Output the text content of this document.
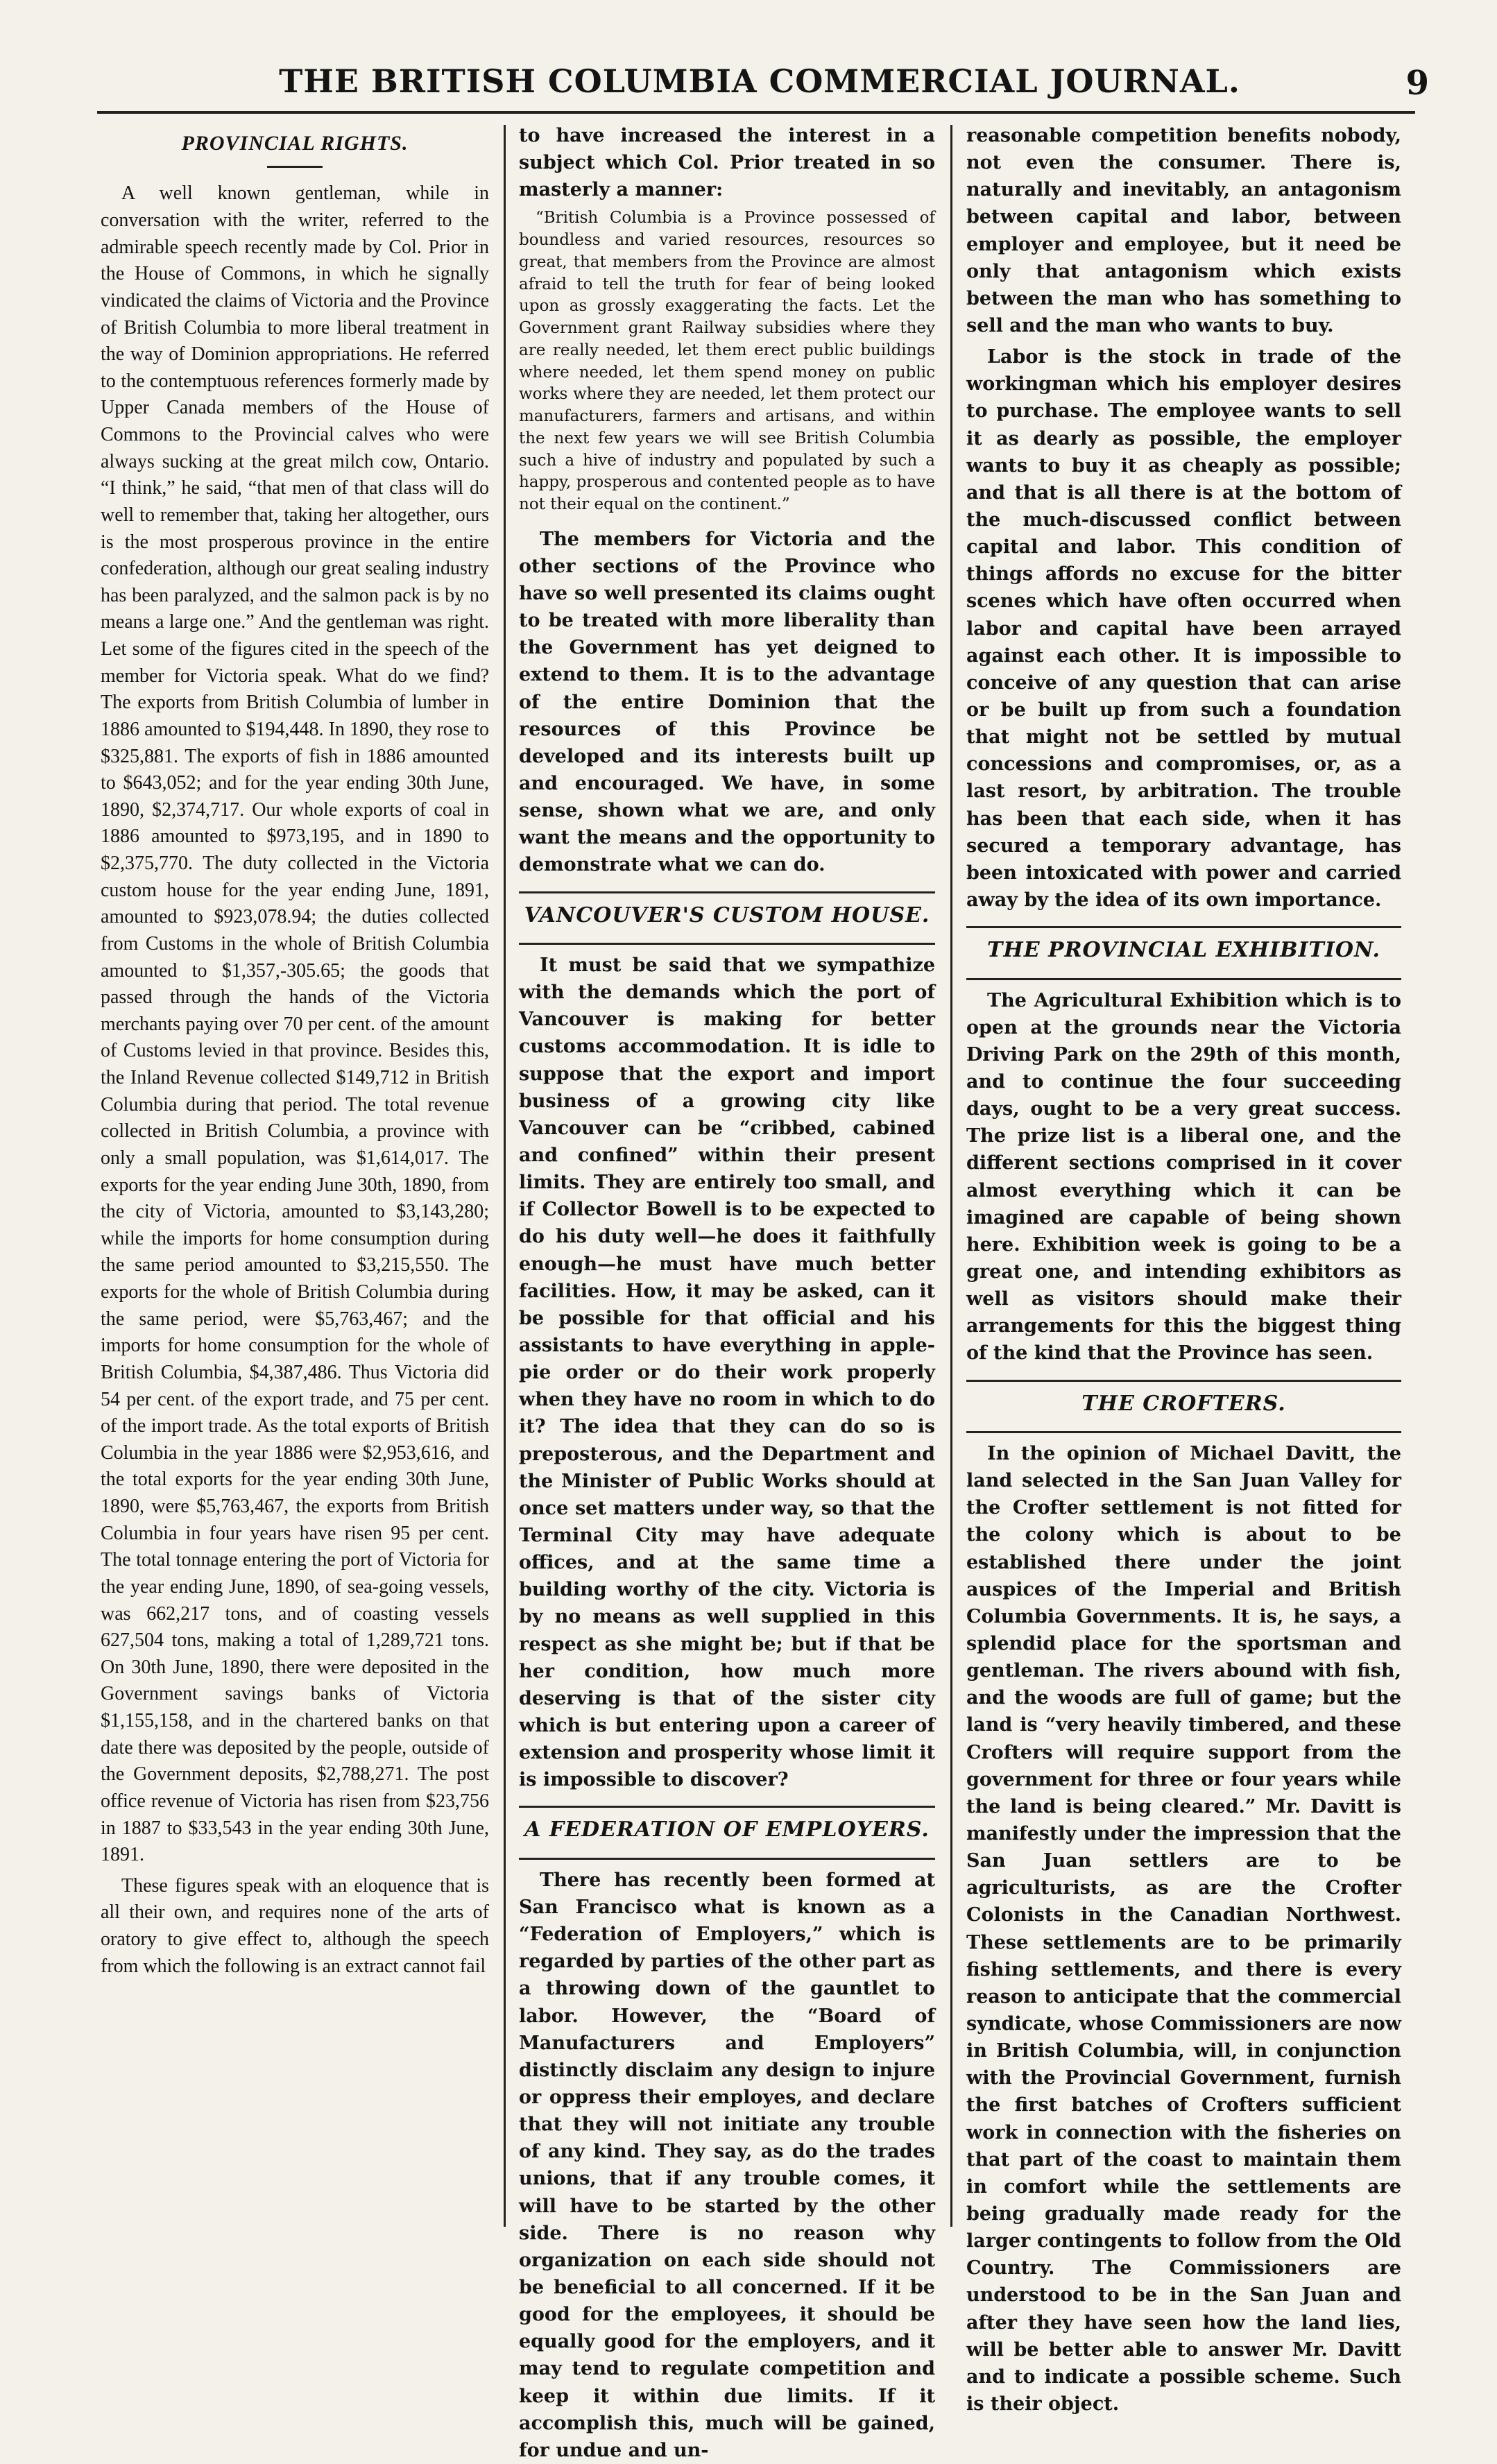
THE BRITISH COLUMBIA COMMERCIAL JOURNAL.	9
PROVINCIAL RIGHTS.

A well known gentleman, while in conversation with the writer, referred to the admirable speech recently made by Col. Prior in the House of Commons, in which he signally vindicated the claims of Victoria and the Province of British Columbia to more liberal treatment in the way of Dominion appropriations. He referred to the contemptuous references formerly made by Upper Canada members of the House of Commons to the Provincial calves who were always sucking at the great milch cow, Ontario. “I think,” he said, “that men of that class will do well to remember that, taking her altogether, ours is the most prosperous province in the entire confederation, although our great sealing industry has been paralyzed, and the salmon pack is by no means a large one.” And the gentleman was right. Let some of the figures cited in the speech of the member for Victoria speak. What do we find? The exports from British Columbia of lumber in 1886 amounted to $194,448. In 1890, they rose to $325,881. The exports of fish in 1886 amounted to $643,052; and for the year ending 30th June, 1890, $2,374,717. Our whole exports of coal in 1886 amounted to $973,195, and in 1890 to $2,375,770. The duty collected in the Victoria custom house for the year ending June, 1891, amounted to $923,078.94; the duties collected from Customs in the whole of British Columbia amounted to $1,357,-305.65; the goods that passed through the hands of the Victoria merchants paying over 70 per cent. of the amount of Customs levied in that province. Besides this, the Inland Revenue collected $149,712 in British Columbia during that period. The total revenue collected in British Columbia, a province with only a small population, was $1,614,017. The exports for the year ending June 30th, 1890, from the city of Victoria, amounted to $3,143,280; while the imports for home consumption during the same period amounted to $3,215,550. The exports for the whole of British Columbia during the same period, were $5,763,467; and the imports for home consumption for the whole of British Columbia, $4,387,486. Thus Victoria did 54 per cent. of the export trade, and 75 per cent. of the import trade. As the total exports of British Columbia in the year 1886 were $2,953,616, and the total exports for the year ending 30th June, 1890, were $5,763,467, the exports from British Columbia in four years have risen 95 per cent. The total tonnage entering the port of Victoria for the year ending June, 1890, of sea-going vessels, was 662,217 tons, and of coasting vessels 627,504 tons, making a total of 1,289,721 tons. On 30th June, 1890, there were deposited in the Government savings banks of Victoria $1,155,158, and in the chartered banks on that date there was deposited by the people, outside of the Government deposits, $2,788,271. The post office revenue of Victoria has risen from $23,756 in 1887 to $33,543 in the year ending 30th June, 1891.

These figures speak with an eloquence that is all their own, and requires none of the arts of oratory to give effect to, although the speech from which the following is an extract cannot fail

to have increased the interest in a subject which Col. Prior treated in so masterly a manner:

“British Columbia is a Province possessed of boundless and varied resources, resources so great, that members from the Province are almost afraid to tell the truth for fear of being looked upon as grossly exaggerating the facts. Let the Government grant Railway subsidies where they are really needed, let them erect public buildings where needed, let them spend money on public works where they are needed, let them protect our manufacturers, farmers and artisans, and within the next few years we will see British Columbia such a hive of industry and populated by such a happy, prosperous and contented people as to have not their equal on the continent.”

The members for Victoria and the other sections of the Province who have so well presented its claims ought to be treated with more liberality than the Government has yet deigned to extend to them. It is to the advantage of the entire Dominion that the resources of this Province be developed and its interests built up and encouraged. We have, in some sense, shown what we are, and only want the means and the opportunity to demonstrate what we can do.

VANCOUVER'S CUSTOM HOUSE.

It must be said that we sympathize with the demands which the port of Vancouver is making for better customs accommodation. It is idle to suppose that the export and import business of a growing city like Vancouver can be “cribbed, cabined and confined” within their present limits. They are entirely too small, and if Collector Bowell is to be expected to do his duty well—he does it faithfully enough—he must have much better facilities. How, it may be asked, can it be possible for that official and his assistants to have everything in apple-pie order or do their work properly when they have no room in which to do it? The idea that they can do so is preposterous, and the Department and the Minister of Public Works should at once set matters under way, so that the Terminal City may have adequate offices, and at the same time a building worthy of the city. Victoria is by no means as well supplied in this respect as she might be; but if that be her condition, how much more deserving is that of the sister city which is but entering upon a career of extension and prosperity whose limit it is impossible to discover?

A FEDERATION OF EMPLOYERS.

There has recently been formed at San Francisco what is known as a “Federation of Employers,” which is regarded by parties of the other part as a throwing down of the gauntlet to labor. However, the “Board of Manufacturers and Employers” distinctly disclaim any design to injure or oppress their employes, and declare that they will not initiate any trouble of any kind. They say, as do the trades unions, that if any trouble comes, it will have to be started by the other side. There is no reason why organization on each side should not be beneficial to all concerned. If it be good for the employees, it should be equally good for the employers, and it may tend to regulate competition and keep it within due limits. If it accomplish this, much will be gained, for undue and un-

reasonable competition benefits nobody, not even the consumer. There is, naturally and inevitably, an antagonism between capital and labor, between employer and employee, but it need be only that antagonism which exists between the man who has something to sell and the man who wants to buy.

Labor is the stock in trade of the workingman which his employer desires to purchase. The employee wants to sell it as dearly as possible, the employer wants to buy it as cheaply as possible; and that is all there is at the bottom of the much-discussed conflict between capital and labor. This condition of things affords no excuse for the bitter scenes which have often occurred when labor and capital have been arrayed against each other. It is impossible to conceive of any question that can arise or be built up from such a foundation that might not be settled by mutual concessions and compromises, or, as a last resort, by arbitration. The trouble has been that each side, when it has secured a temporary advantage, has been intoxicated with power and carried away by the idea of its own importance.

THE PROVINCIAL EXHIBITION.

The Agricultural Exhibition which is to open at the grounds near the Victoria Driving Park on the 29th of this month, and to continue the four succeeding days, ought to be a very great success. The prize list is a liberal one, and the different sections comprised in it cover almost everything which it can be imagined are capable of being shown here. Exhibition week is going to be a great one, and intending exhibitors as well as visitors should make their arrangements for this the biggest thing of the kind that the Province has seen.

THE CROFTERS.

In the opinion of Michael Davitt, the land selected in the San Juan Valley for the Crofter settlement is not fitted for the colony which is about to be established there under the joint auspices of the Imperial and British Columbia Governments. It is, he says, a splendid place for the sportsman and gentleman. The rivers abound with fish, and the woods are full of game; but the land is “very heavily timbered, and these Crofters will require support from the government for three or four years while the land is being cleared.” Mr. Davitt is manifestly under the impression that the San Juan settlers are to be agriculturists, as are the Crofter Colonists in the Canadian Northwest. These settlements are to be primarily fishing settlements, and there is every reason to anticipate that the commercial syndicate, whose Commissioners are now in British Columbia, will, in conjunction with the Provincial Government, furnish the first batches of Crofters sufficient work in connection with the fisheries on that part of the coast to maintain them in comfort while the settlements are being gradually made ready for the larger contingents to follow from the Old Country. The Commissioners are understood to be in the San Juan and after they have seen how the land lies, will be better able to answer Mr. Davitt and to indicate a possible scheme. Such is their object.
